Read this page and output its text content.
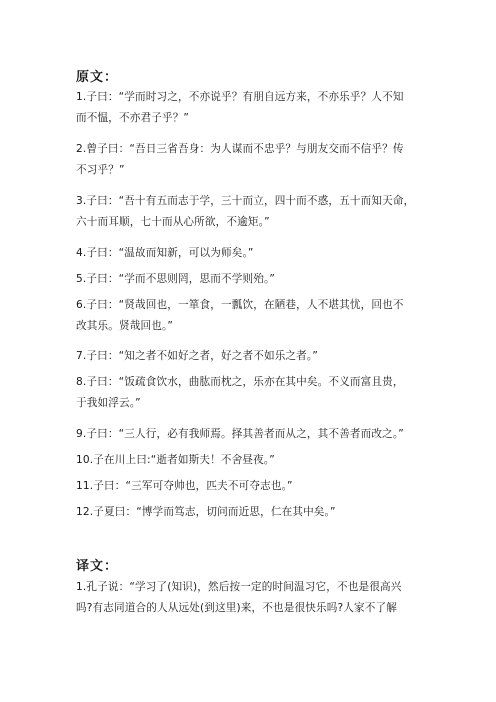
原文：
1.子曰：“学而时习之，不亦说乎？有朋自远方来，不亦乐乎？人不知
而不愠，不亦君子乎？”
2.曾子曰：“吾日三省吾身：为人谋而不忠乎？与朋友交而不信乎？传
不习乎？”
3.子曰：“吾十有五而志于学，三十而立，四十而不惑，五十而知天命，
六十而耳顺，七十而从心所欲，不逾矩。”
4.子曰：“温故而知新，可以为师矣。”
5.子曰：“学而不思则罔，思而不学则殆。”
6.子曰：“贤哉回也，一箪食，一瓢饮，在陋巷，人不堪其忧，回也不
改其乐。贤哉回也。”
7.子曰：“知之者不如好之者，好之者不如乐之者。”
8.子曰：“饭疏食饮水，曲肱而枕之，乐亦在其中矣。不义而富且贵，
于我如浮云。”
9.子曰：“三人行，必有我师焉。择其善者而从之，其不善者而改之。”
10.子在川上曰:“逝者如斯夫！不舍昼夜。”
11.子曰：“三军可夺帅也，匹夫不可夺志也。”
12.子夏曰：“博学而笃志，切问而近思，仁在其中矣。”
译文：
1.孔子说：“学习了(知识)，然后按一定的时间温习它，不也是很高兴
吗?有志同道合的人从远处(到这里)来，不也是很快乐吗?人家不了解
